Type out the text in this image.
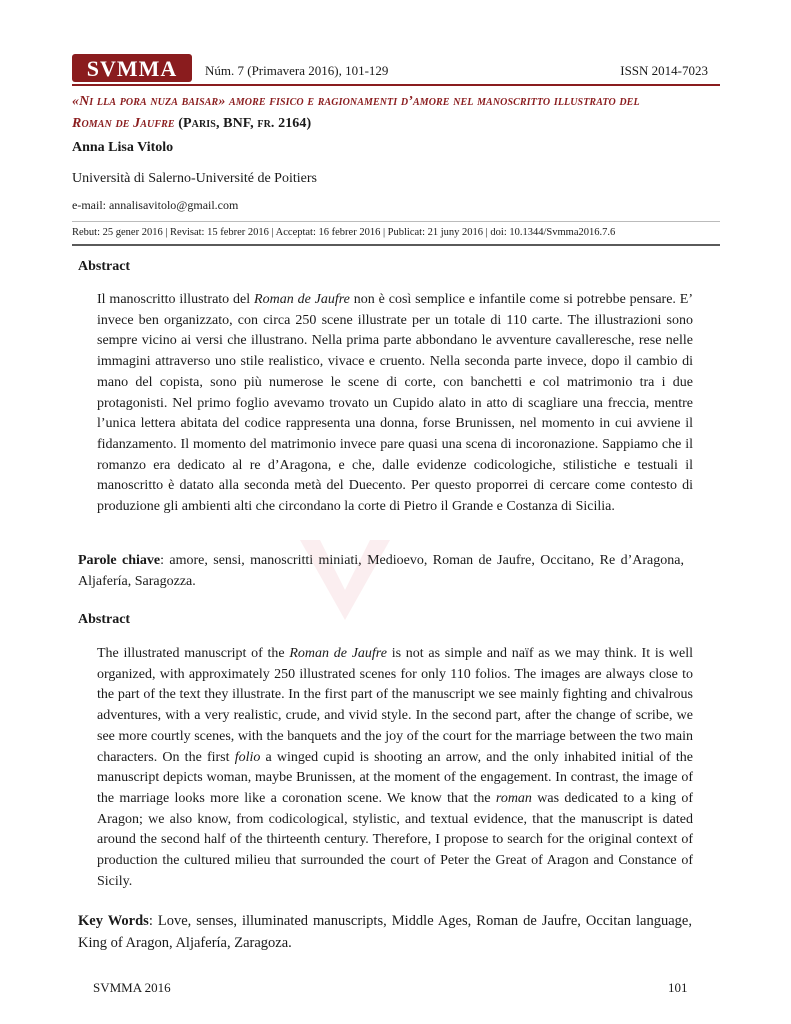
SVMMA Núm. 7 (Primavera 2016), 101-129	ISSN 2014-7023
«Ni lla pora nuza baisar» amore fisico e ragionamenti d’amore nel manoscritto illustrato del
Roman de Jaufre (Paris, BNF, fr. 2164)
Anna Lisa Vitolo
Università di Salerno-Université de Poitiers
e-mail: annalisavitolo@gmail.com
Rebut: 25 gener 2016 | Revisat: 15 febrer 2016 | Acceptat: 16 febrer 2016 | Publicat: 21 juny 2016 | doi: 10.1344/Svmma2016.7.6
Abstract
Il manoscritto illustrato del Roman de Jaufre non è così semplice e infantile come si potrebbe pensare. E’ invece ben organizzato, con circa 250 scene illustrate per un totale di 110 carte. The illustrazioni sono sempre vicino ai versi che illustrano. Nella prima parte abbondano le avventure cavalleresche, rese nelle immagini attraverso uno stile realistico, vivace e cruento. Nella seconda parte invece, dopo il cambio di mano del copista, sono più numerose le scene di corte, con banchetti e col matrimonio tra i due protagonisti. Nel primo foglio avevamo trovato un Cupido alato in atto di scagliare una freccia, mentre l’unica lettera abitata del codice rappresenta una donna, forse Brunissen, nel momento in cui avviene il fidanzamento. Il momento del matrimonio invece pare quasi una scena di incoronazione. Sappiamo che il romanzo era dedicato al re d’Aragona, e che, dalle evidenze codicologiche, stilistiche e testuali il manoscritto è datato alla seconda metà del Duecento. Per questo proporrei di cercare come contesto di produzione gli ambienti alti che circondano la corte di Pietro il Grande e Costanza di Sicilia.
Parole chiave: amore, sensi, manoscritti miniati, Medioevo, Roman de Jaufre, Occitano, Re d’Aragona, Aljafería, Saragozza.
Abstract
The illustrated manuscript of the Roman de Jaufre is not as simple and naïf as we may think. It is well organized, with approximately 250 illustrated scenes for only 110 folios. The images are always close to the part of the text they illustrate. In the first part of the manuscript we see mainly fighting and chivalrous adventures, with a very realistic, crude, and vivid style. In the second part, after the change of scribe, we see more courtly scenes, with the banquets and the joy of the court for the marriage between the two main characters. On the first folio a winged cupid is shooting an arrow, and the only inhabited initial of the manuscript depicts woman, maybe Brunissen, at the moment of the engagement. In contrast, the image of the marriage looks more like a coronation scene. We know that the roman was dedicated to a king of Aragon; we also know, from codicological, stylistic, and textual evidence, that the manuscript is dated around the second half of the thirteenth century. Therefore, I propose to search for the original context of production the cultured milieu that surrounded the court of Peter the Great of Aragon and Constance of Sicily.
Key Words: Love, senses, illuminated manuscripts, Middle Ages, Roman de Jaufre, Occitan language, King of Aragon, Aljafería, Zaragoza.
SVMMA 2016	101
